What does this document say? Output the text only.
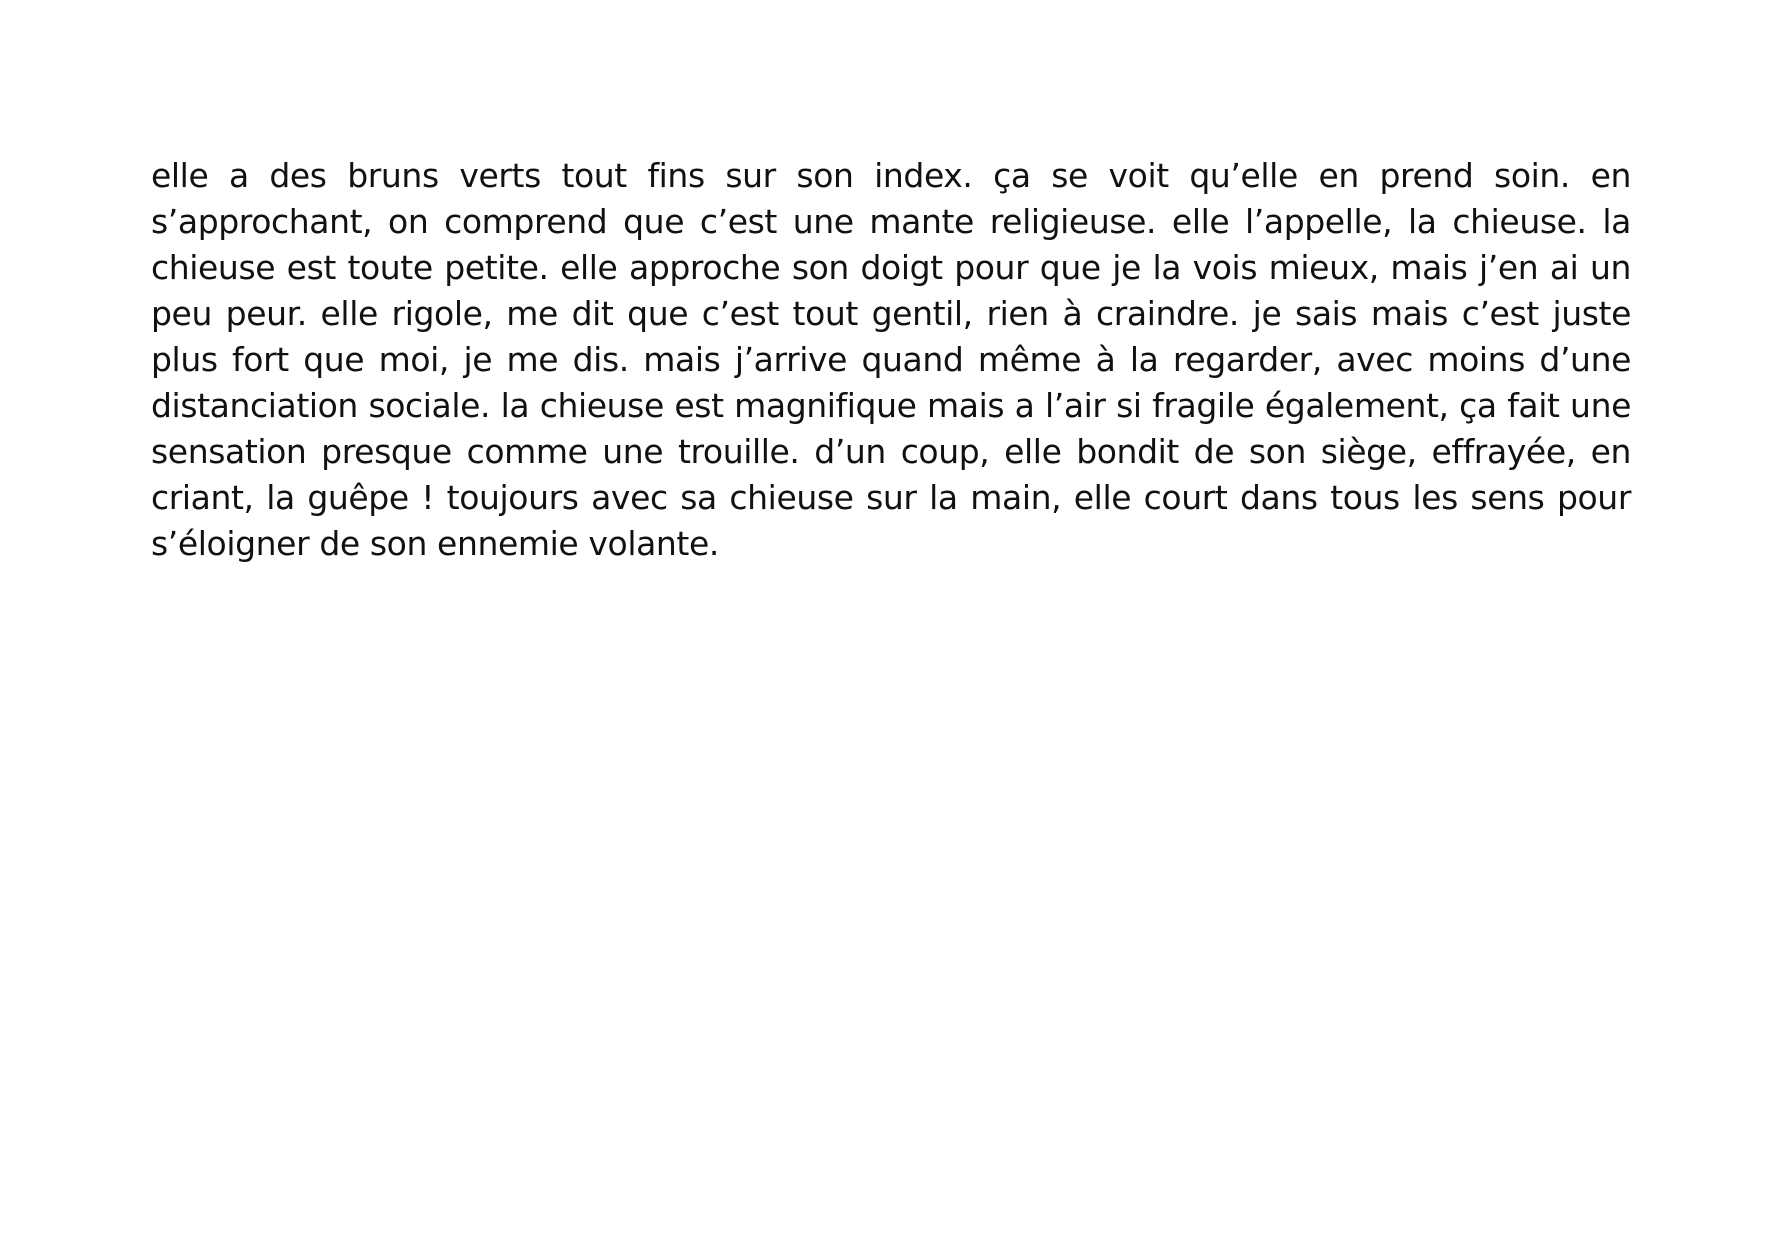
elle a des bruns verts tout fins sur son index. ça se voit qu’elle en prend soin. en s’approchant, on comprend que c’est une mante religieuse. elle l’appelle, la chieuse. la chieuse est toute petite. elle approche son doigt pour que je la vois mieux, mais j’en ai un peu peur. elle rigole, me dit que c’est tout gentil, rien à craindre. je sais mais c’est juste plus fort que moi, je me dis. mais j’arrive quand même à la regarder, avec moins d’une distanciation sociale. la chieuse est magnifique mais a l’air si fragile également, ça fait une sensation presque comme une trouille. d’un coup, elle bondit de son siège, effrayée, en criant, la guêpe ! toujours avec sa chieuse sur la main, elle court dans tous les sens pour s’éloigner de son ennemie volante.
